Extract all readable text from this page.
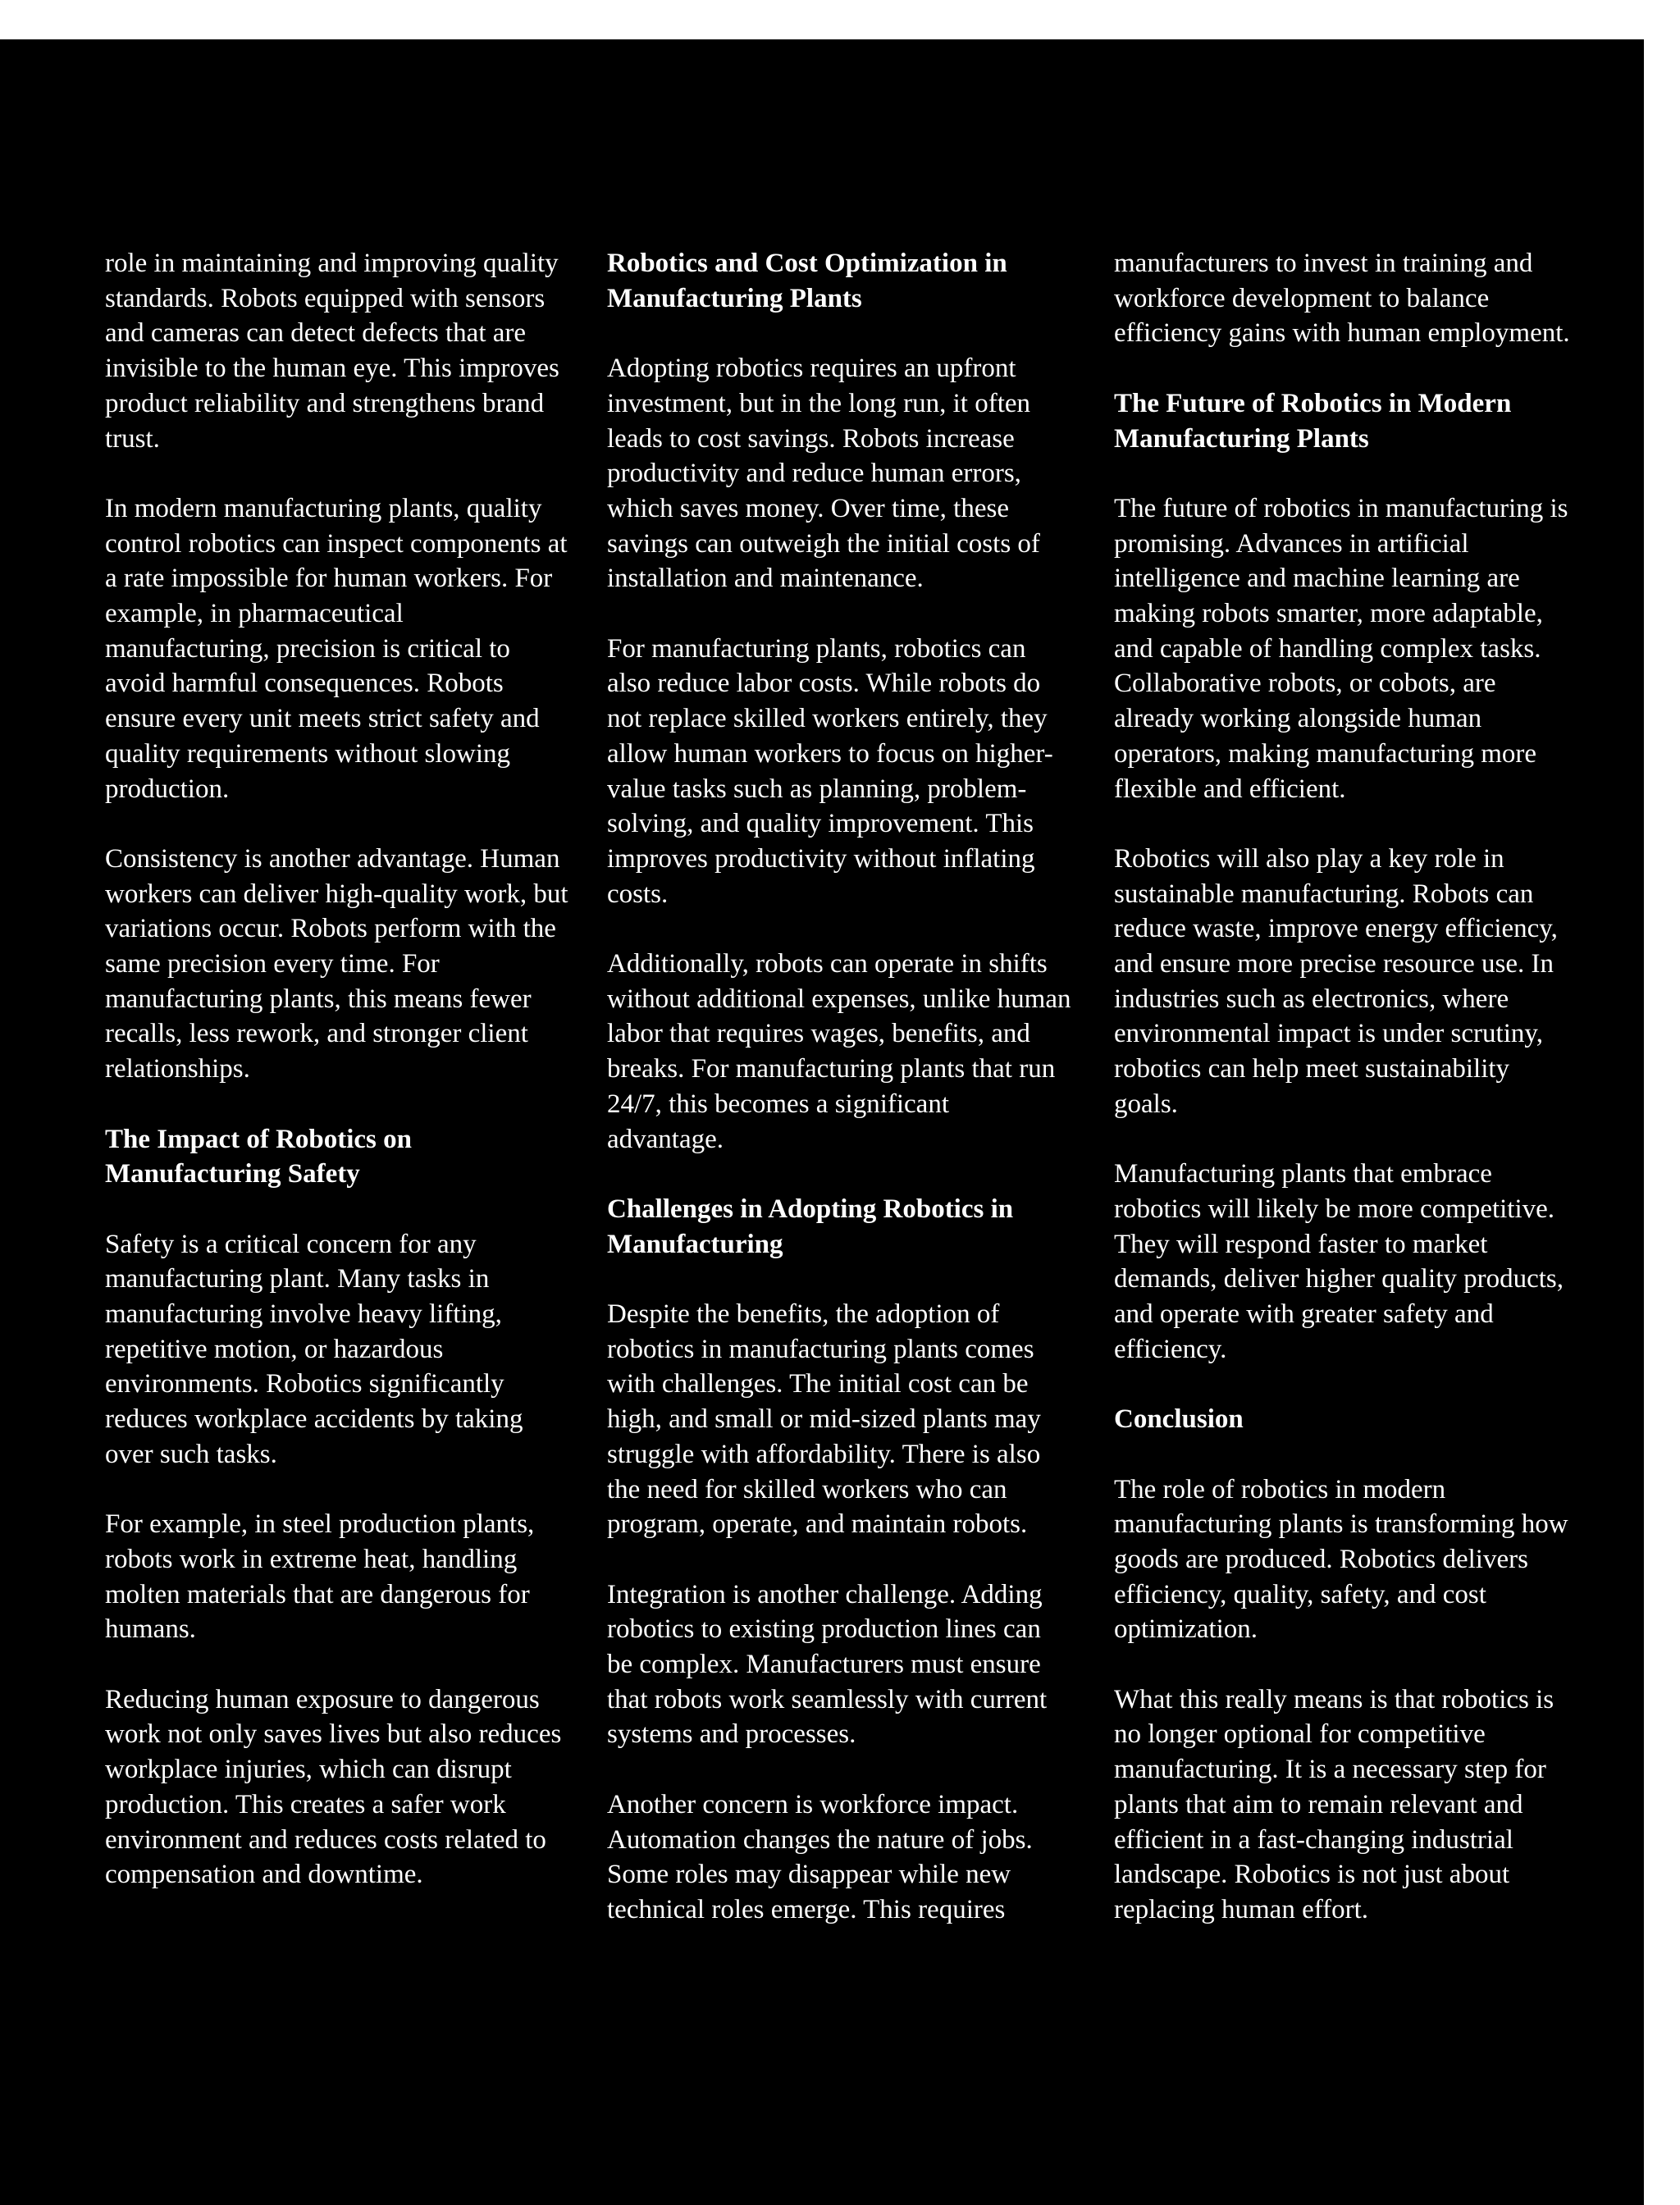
role in maintaining and improving quality standards. Robots equipped with sensors and cameras can detect defects that are invisible to the human eye. This improves product reliability and strengthens brand trust.

In modern manufacturing plants, quality control robotics can inspect components at a rate impossible for human workers. For example, in pharmaceutical manufacturing, precision is critical to avoid harmful consequences. Robots ensure every unit meets strict safety and quality requirements without slowing production.

Consistency is another advantage. Human workers can deliver high-quality work, but variations occur. Robots perform with the same precision every time. For manufacturing plants, this means fewer recalls, less rework, and stronger client relationships.

The Impact of Robotics on Manufacturing Safety

Safety is a critical concern for any manufacturing plant. Many tasks in manufacturing involve heavy lifting, repetitive motion, or hazardous environments. Robotics significantly reduces workplace accidents by taking over such tasks.

For example, in steel production plants, robots work in extreme heat, handling molten materials that are dangerous for humans.

Reducing human exposure to dangerous work not only saves lives but also reduces workplace injuries, which can disrupt production. This creates a safer work environment and reduces costs related to compensation and downtime.

Robotics and Cost Optimization in Manufacturing Plants

Adopting robotics requires an upfront investment, but in the long run, it often leads to cost savings. Robots increase productivity and reduce human errors, which saves money. Over time, these savings can outweigh the initial costs of installation and maintenance.

For manufacturing plants, robotics can also reduce labor costs. While robots do not replace skilled workers entirely, they allow human workers to focus on higher-value tasks such as planning, problem-solving, and quality improvement. This improves productivity without inflating costs.

Additionally, robots can operate in shifts without additional expenses, unlike human labor that requires wages, benefits, and breaks. For manufacturing plants that run 24/7, this becomes a significant advantage.

Challenges in Adopting Robotics in Manufacturing

Despite the benefits, the adoption of robotics in manufacturing plants comes with challenges. The initial cost can be high, and small or mid-sized plants may struggle with affordability. There is also the need for skilled workers who can program, operate, and maintain robots.

Integration is another challenge. Adding robotics to existing production lines can be complex. Manufacturers must ensure that robots work seamlessly with current systems and processes.

Another concern is workforce impact. Automation changes the nature of jobs. Some roles may disappear while new technical roles emerge. This requires

manufacturers to invest in training and workforce development to balance efficiency gains with human employment.

The Future of Robotics in Modern Manufacturing Plants

The future of robotics in manufacturing is promising. Advances in artificial intelligence and machine learning are making robots smarter, more adaptable, and capable of handling complex tasks. Collaborative robots, or cobots, are already working alongside human operators, making manufacturing more flexible and efficient.

Robotics will also play a key role in sustainable manufacturing. Robots can reduce waste, improve energy efficiency, and ensure more precise resource use. In industries such as electronics, where environmental impact is under scrutiny, robotics can help meet sustainability goals.

Manufacturing plants that embrace robotics will likely be more competitive. They will respond faster to market demands, deliver higher quality products, and operate with greater safety and efficiency.

Conclusion

The role of robotics in modern manufacturing plants is transforming how goods are produced. Robotics delivers efficiency, quality, safety, and cost optimization.

What this really means is that robotics is no longer optional for competitive manufacturing. It is a necessary step for plants that aim to remain relevant and efficient in a fast-changing industrial landscape. Robotics is not just about replacing human effort.
